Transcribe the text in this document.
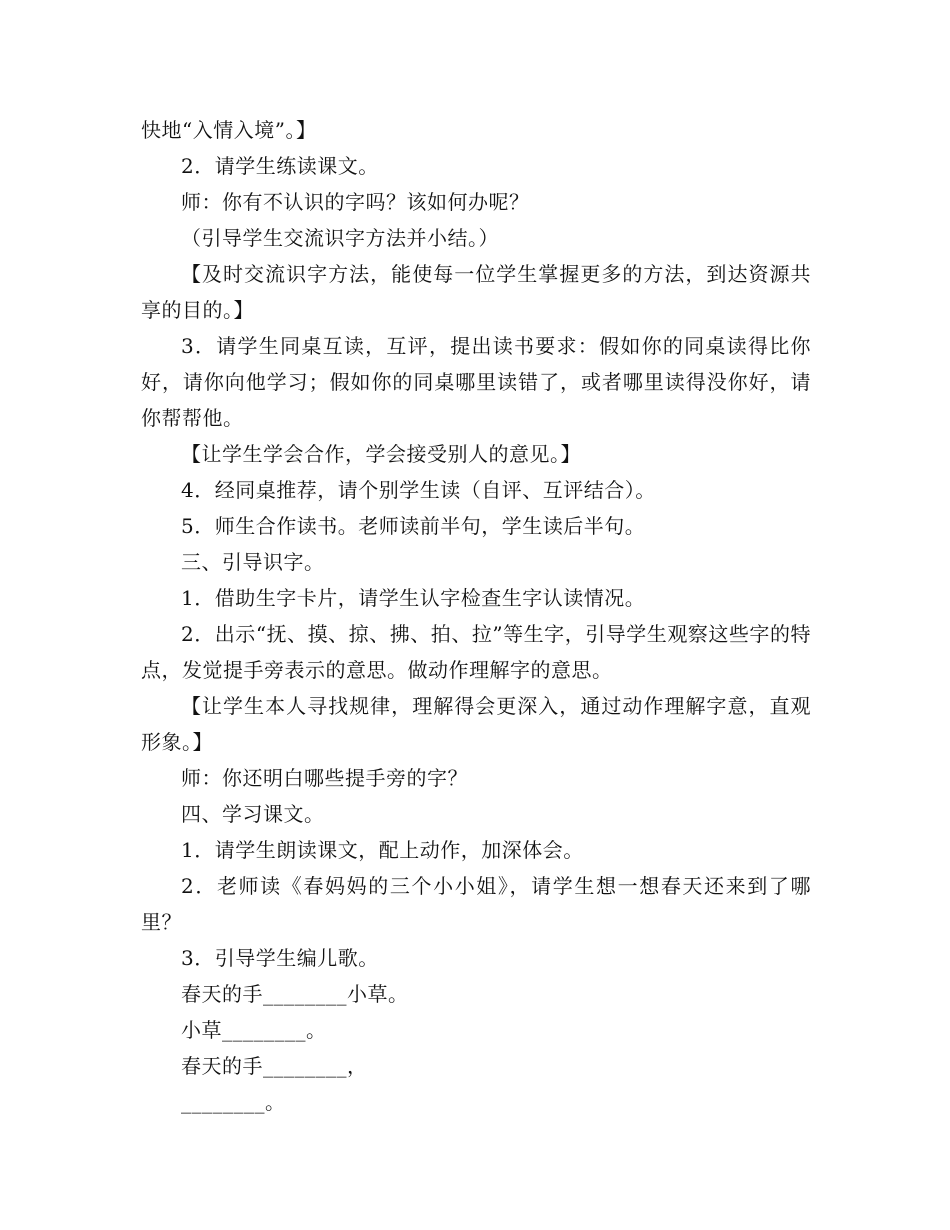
快地“入情入境”。】

2．请学生练读课文。

师：你有不认识的字吗？该如何办呢？

（引导学生交流识字方法并小结。）

【及时交流识字方法，能使每一位学生掌握更多的方法，到达资源共享的目的。】

3．请学生同桌互读，互评，提出读书要求：假如你的同桌读得比你好，请你向他学习；假如你的同桌哪里读错了，或者哪里读得没你好，请你帮帮他。

【让学生学会合作，学会接受别人的意见。】

4．经同桌推荐，请个别学生读（自评、互评结合）。

5．师生合作读书。老师读前半句，学生读后半句。

三、引导识字。

1．借助生字卡片，请学生认字检查生字认读情况。

2．出示“抚、摸、掠、拂、拍、拉”等生字，引导学生观察这些字的特点，发觉提手旁表示的意思。做动作理解字的意思。

【让学生本人寻找规律，理解得会更深入，通过动作理解字意，直观形象。】

师：你还明白哪些提手旁的字？

四、学习课文。

1．请学生朗读课文，配上动作，加深体会。

2．老师读《春妈妈的三个小小姐》，请学生想一想春天还来到了哪里？

3．引导学生编儿歌。

春天的手________小草。

小草________。

春天的手________，

________。
